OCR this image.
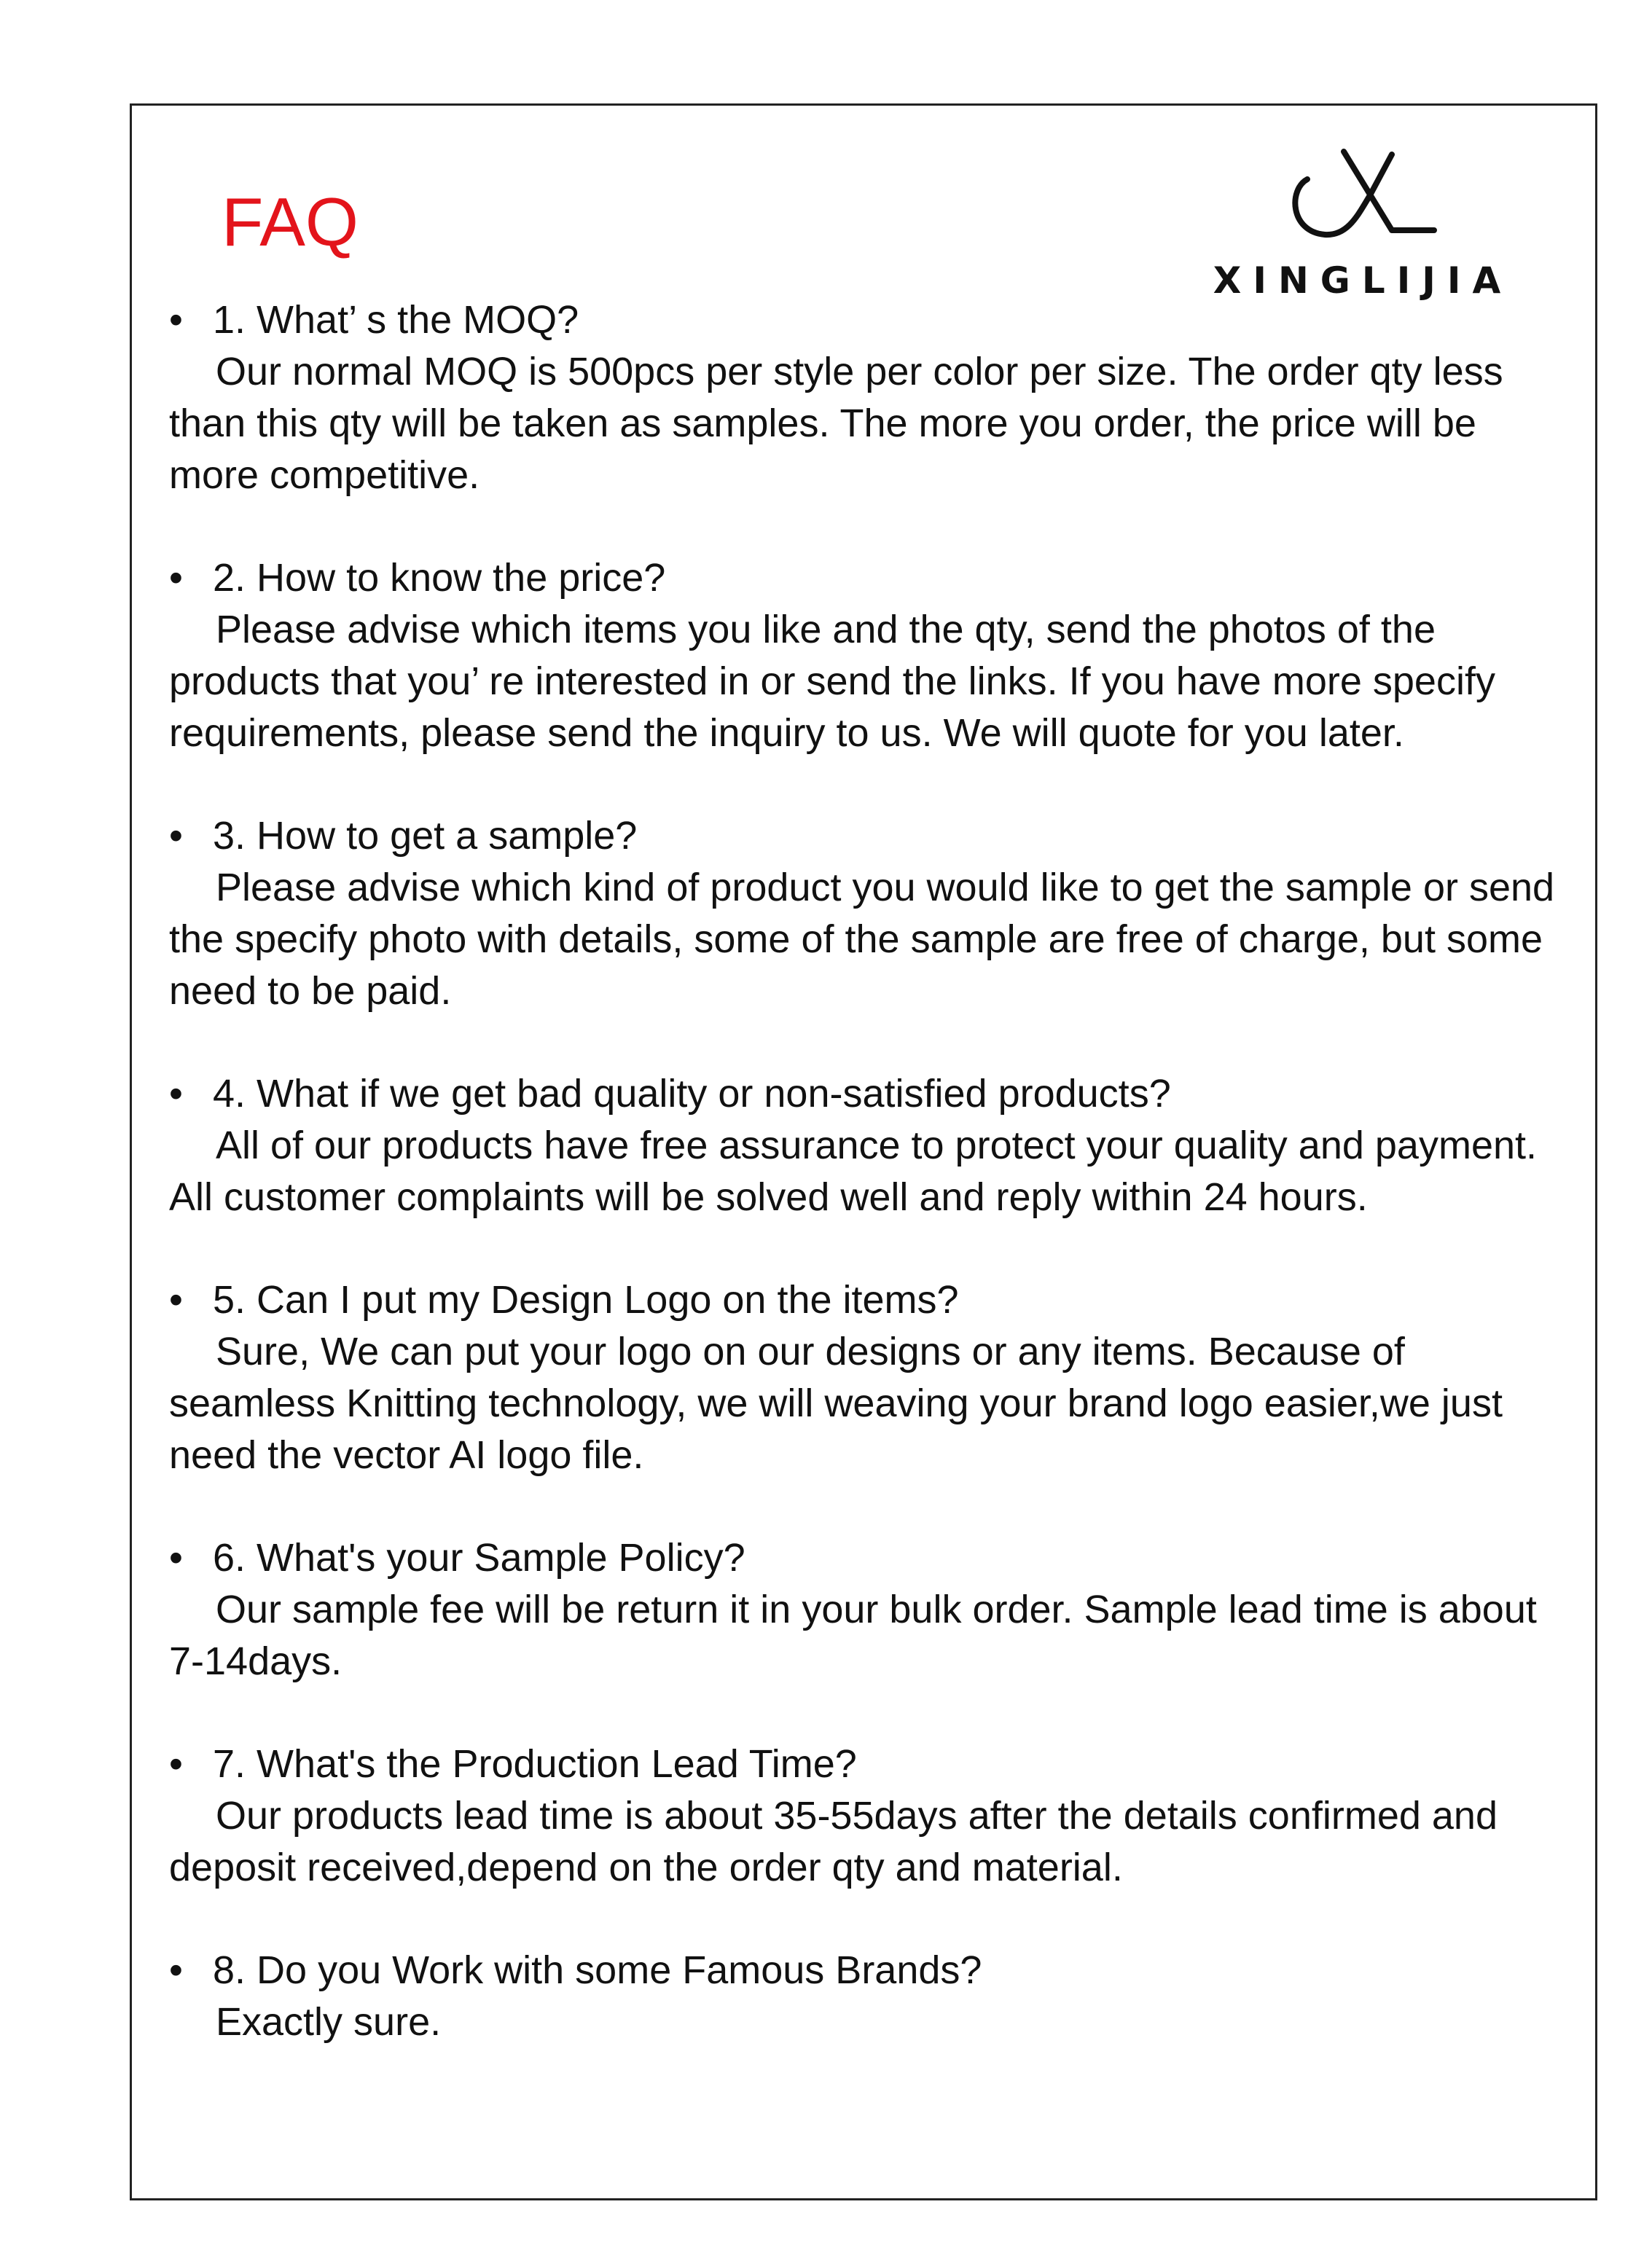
FAQ
XINGLIJIA
• 1. What’ s the MOQ?

Our normal MOQ is 500pcs per style per color per size. The order qty less than this qty will be taken as samples. The more you order, the price will be more competitive.

• 2. How to know the price?

Please advise which items you like and the qty, send the photos of the products that you’ re interested in or send the links. If you have more specify requirements, please send the inquiry to us. We will quote for you later.

• 3. How to get a sample?

Please advise which kind of product you would like to get the sample or send the specify photo with details, some of the sample are free of charge, but some need to be paid.

• 4. What if we get bad quality or non-satisfied products?

All of our products have free assurance to protect your quality and payment. All customer complaints will be solved well and reply within 24 hours.

• 5. Can I put my Design Logo on the items?

Sure, We can put your logo on our designs or any items. Because of seamless Knitting technology, we will weaving your brand logo easier,we just need the vector AI logo file.

• 6. What's your Sample Policy?

Our sample fee will be return it in your bulk order. Sample lead time is about 7-14days.

• 7. What's the Production Lead Time?

Our products lead time is about 35-55days after the details confirmed and deposit received,depend on the order qty and material.

• 8. Do you Work with some Famous Brands?

Exactly sure.
